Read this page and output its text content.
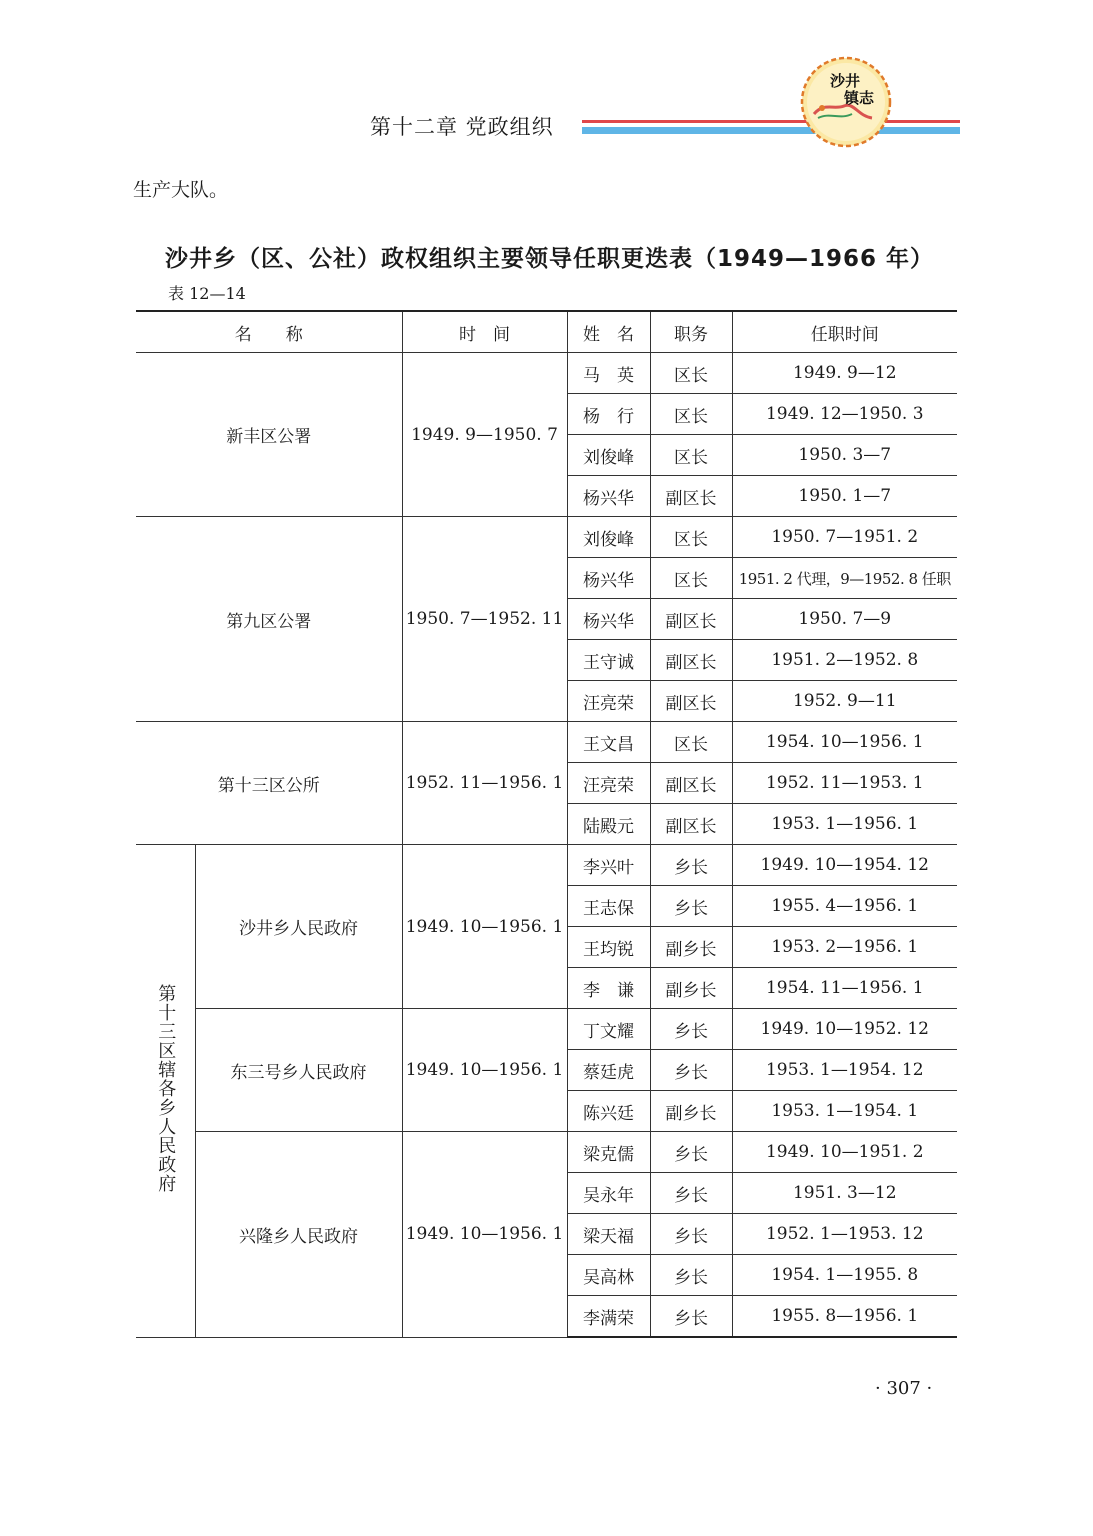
第十二章 党政组织
沙井
镇志
生产大队。
沙井乡（区、公社）政权组织主要领导任职更迭表（1949—1966 年）
表 12—14
名　　称		时　间	姓　名	职务	任职时间
新丰区公署		1949. 9—1950. 7	马　英	区长	1949. 9—12
			杨　行	区长	1949. 12—1950. 3
			刘俊峰	区长	1950. 3—7
			杨兴华	副区长	1950. 1—7
第九区公署		1950. 7—1952. 11	刘俊峰	区长	1950. 7—1951. 2
			杨兴华	区长	1951. 2 代理，9—1952. 8 任职
			杨兴华	副区长	1950. 7—9
			王守诚	副区长	1951. 2—1952. 8
			汪亮荣	副区长	1952. 9—11
第十三区公所		1952. 11—1956. 1	王文昌	区长	1954. 10—1956. 1
			汪亮荣	副区长	1952. 11—1953. 1
			陆殿元	副区长	1953. 1—1956. 1
第十三区辖各乡人民政府	沙井乡人民政府	1949. 10—1956. 1	李兴叶	乡长	1949. 10—1954. 12
			王志保	乡长	1955. 4—1956. 1
			王均锐	副乡长	1953. 2—1956. 1
			李　谦	副乡长	1954. 11—1956. 1
	东三号乡人民政府	1949. 10—1956. 1	丁文耀	乡长	1949. 10—1952. 12
			蔡廷虎	乡长	1953. 1—1954. 12
			陈兴廷	副乡长	1953. 1—1954. 1
	兴隆乡人民政府	1949. 10—1956. 1	梁克儒	乡长	1949. 10—1951. 2
			吴永年	乡长	1951. 3—12
			梁天福	乡长	1952. 1—1953. 12
			吴高林	乡长	1954. 1—1955. 8
			李满荣	乡长	1955. 8—1956. 1
· 307 ·
